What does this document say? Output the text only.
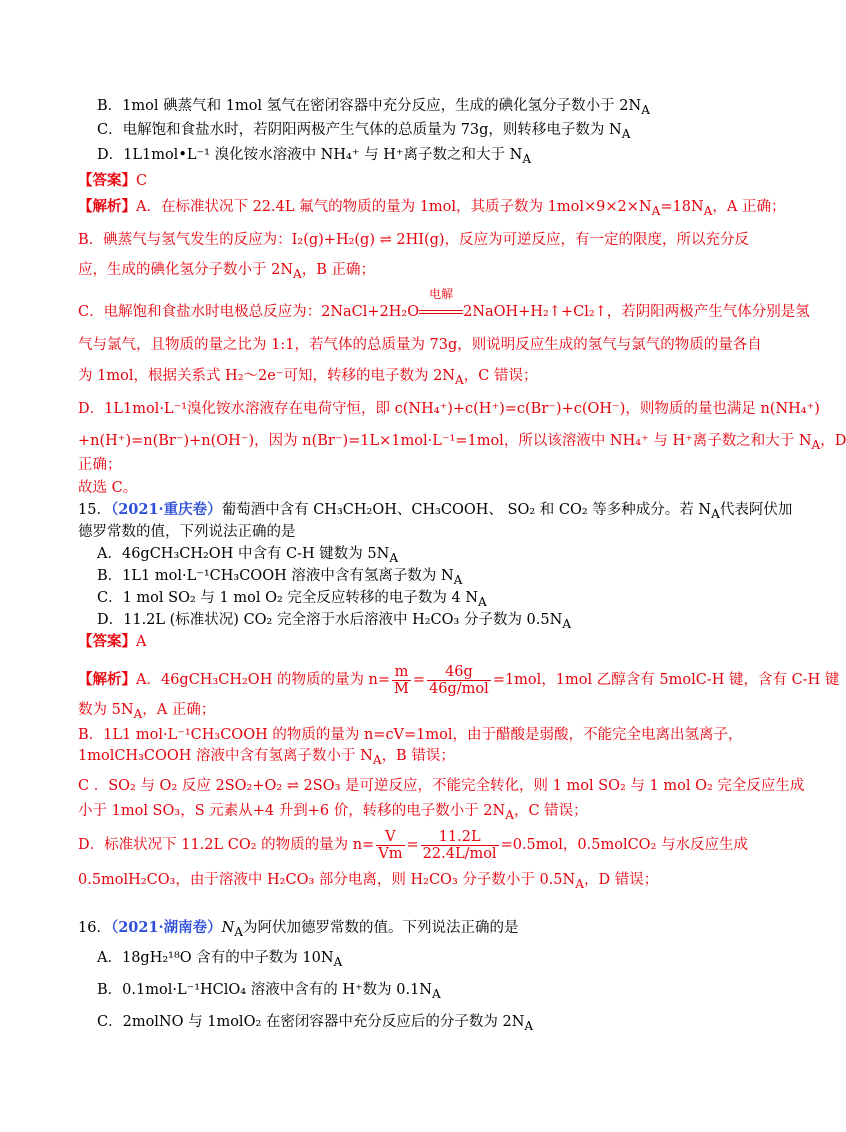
B．1mol 碘蒸气和 1mol 氢气在密闭容器中充分反应，生成的碘化氢分子数小于 $2N_A$
C．电解饱和食盐水时，若阴阳两极产生气体的总质量为 73g，则转移电子数为 $N_A$
D．1L1mol•L⁻¹ 溴化铵水溶液中 NH₄⁺ 与 H⁺离子数之和大于 $N_A$
【答案】C
【解析】A．在标准状况下 22.4L 氟气的物质的量为 1mol，其质子数为 $1mol\times 9\times 2\times N_A=18N_A$，A 正确；
B．碘蒸气与氢气发生的反应为：I₂(g)+H₂(g) ⇌ 2HI(g)，反应为可逆反应，有一定的限度，所以充分反
应，生成的碘化氢分子数小于 $2N_A$，B 正确；
C．电解饱和食盐水时电极总反应为：2NaCl+2H₂O
电解
2NaOH+H₂↑+Cl₂↑，若阴阳两极产生气体分别是氢
气与氯气，且物质的量之比为 1:1，若气体的总质量为 73g，则说明反应生成的氢气与氯气的物质的量各自
为 1mol，根据关系式 H₂～2e⁻可知，转移的电子数为 $2N_A$，C 错误；
D．1L1mol·L⁻¹溴化铵水溶液存在电荷守恒，即 c(NH₄⁺)+c(H⁺)=c(Br⁻)+c(OH⁻)，则物质的量也满足 n(NH₄⁺)
+n(H⁺)=n(Br⁻)+n(OH⁻)，因为 n(Br⁻)=1L×1mol·L⁻¹=1mol，所以该溶液中 NH₄⁺ 与 H⁺离子数之和大于 $N_A$，D
正确；
故选 C。
15．（2021·重庆卷）葡萄酒中含有 CH₃CH₂OH、CH₃COOH、 SO₂ 和 CO₂ 等多种成分。若 $N_A$代表阿伏加
德罗常数的值，下列说法正确的是
A．46gCH₃CH₂OH 中含有 C-H 键数为 $5N_A$
B．1L1 mol·L⁻¹CH₃COOH 溶液中含有氢离子数为 $N_A$
C．1 mol SO₂ 与 1 mol O₂ 完全反应转移的电子数为 4 $N_A$
D．11.2L (标准状况) CO₂ 完全溶于水后溶液中 H₂CO₃ 分子数为 $0.5N_A$
【答案】A
【解析】A．46gCH₃CH₂OH 的物质的量为 $n= \frac{m}{M} = \frac{46g}{\text{46g/mol}} =1mol$，1mol 乙醇含有 5molC-H 键，含有 C-H 键
数为 $5N_A$，A 正确；
B．1L1 mol·L⁻¹CH₃COOH 的物质的量为 n=cV=1mol，由于醋酸是弱酸，不能完全电离出氢离子，
1molCH₃COOH 溶液中含有氢离子数小于 $N_A$，B 错误；
C ．SO₂ 与 O₂ 反应 2SO₂+O₂ ⇌ 2SO₃ 是可逆反应，不能完全转化，则 1 mol SO₂ 与 1 mol O₂ 完全反应生成
小于 1mol SO₃，S 元素从+4 升到+6 价，转移的电子数小于 $2N_A$，C 错误；
D．标准状况下 11.2L CO₂ 的物质的量为 $n= \frac{V}{Vm} = \frac{11.2L}{\text{22.4L/mol}} =0.5mol$，0.5molCO₂ 与水反应生成
0.5molH₂CO₃，由于溶液中 H₂CO₃ 部分电离，则 H₂CO₃ 分子数小于 $0.5N_A$，D 错误；
16．（2021·湖南卷）$N_A$为阿伏加德罗常数的值。下列说法正确的是
A．18gH₂¹⁸O 含有的中子数为 $10N_A$
B．0.1mol·L⁻¹HClO₄ 溶液中含有的 H⁺数为 $0.1N_A$
C．2molNO 与 1molO₂ 在密闭容器中充分反应后的分子数为 $2N_A$
